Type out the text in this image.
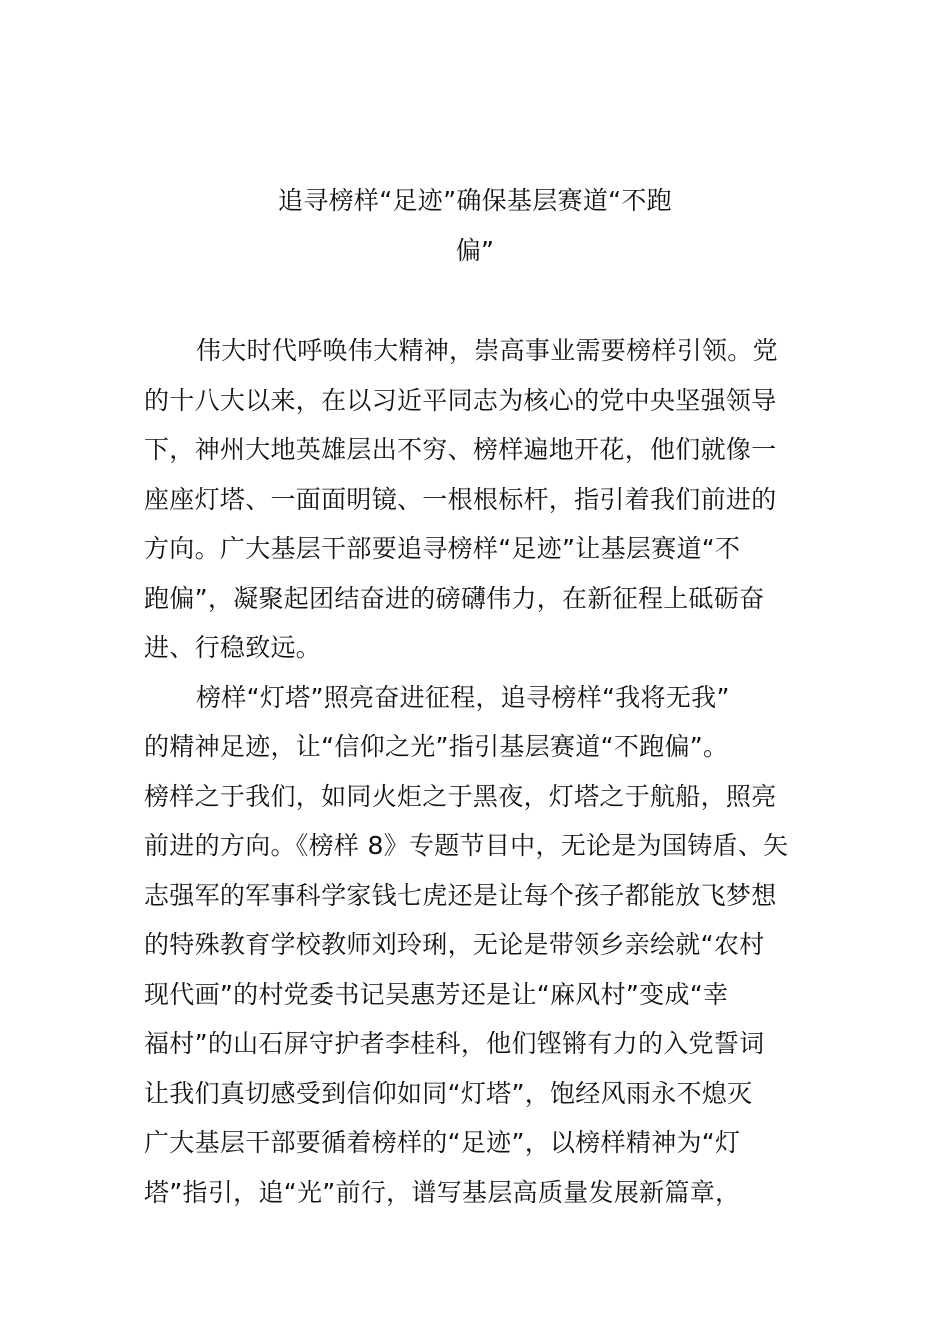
追寻榜样“足迹”确保基层赛道“不跑
偏”
伟大时代呼唤伟大精神，崇高事业需要榜样引领。党
的十八大以来，在以习近平同志为核心的党中央坚强领导
下，神州大地英雄层出不穷、榜样遍地开花，他们就像一
座座灯塔、一面面明镜、一根根标杆，指引着我们前进的
方向。广大基层干部要追寻榜样“足迹”让基层赛道“不
跑偏”，凝聚起团结奋进的磅礴伟力，在新征程上砥砺奋
进、行稳致远。
榜样“灯塔”照亮奋进征程，追寻榜样“我将无我”
的精神足迹，让“信仰之光”指引基层赛道“不跑偏”。
榜样之于我们，如同火炬之于黑夜，灯塔之于航船，照亮
前进的方向。《榜样 8》专题节目中，无论是为国铸盾、矢
志强军的军事科学家钱七虎还是让每个孩子都能放飞梦想
的特殊教育学校教师刘玲琍，无论是带领乡亲绘就“农村
现代画”的村党委书记吴惠芳还是让“麻风村”变成“幸
福村”的山石屏守护者李桂科，他们铿锵有力的入党誓词
让我们真切感受到信仰如同“灯塔”，饱经风雨永不熄灭
广大基层干部要循着榜样的“足迹”，以榜样精神为“灯
塔”指引，追“光”前行，谱写基层高质量发展新篇章，
